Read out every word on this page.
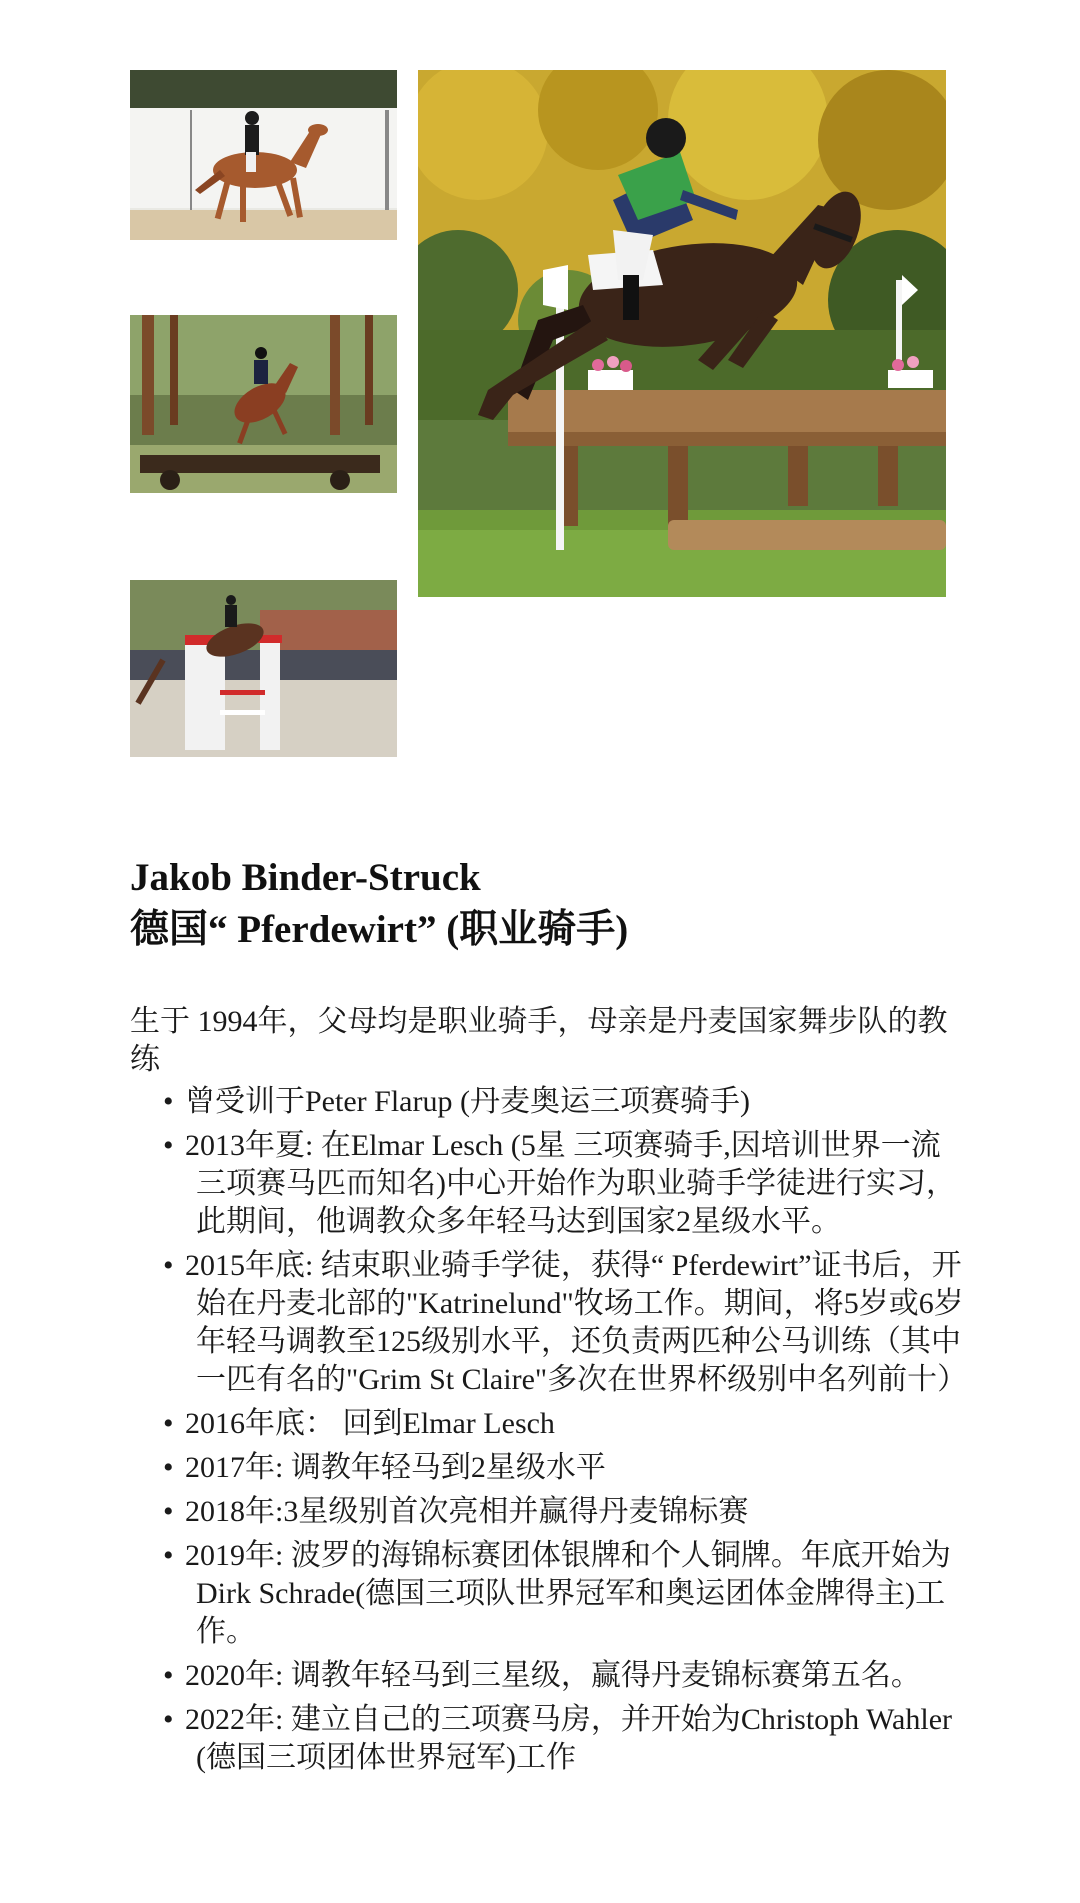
Jakob Binder-Struck
德国“ Pferdewirt” (职业骑手)

生于 1994年，父母均是职业骑手，母亲是丹麦国家舞步队的教练

• 曾受训于Peter Flarup (丹麦奥运三项赛骑手)
• 2013年夏: 在Elmar Lesch (5星 三项赛骑手,因培训世界一流三项赛马匹而知名)中心开始作为职业骑手学徒进行实习，此期间，他调教众多年轻马达到国家2星级水平。
• 2015年底: 结束职业骑手学徒，获得“ Pferdewirt”证书后，开始在丹麦北部的"Katrinelund"牧场工作。期间，将5岁或6岁年轻马调教至125级别水平，还负责两匹种公马训练（其中一匹有名的"Grim St Claire"多次在世界杯级别中名列前十）
• 2016年底： 回到Elmar Lesch
• 2017年: 调教年轻马到2星级水平
• 2018年:3星级别首次亮相并赢得丹麦锦标赛
• 2019年: 波罗的海锦标赛团体银牌和个人铜牌。年底开始为Dirk Schrade(德国三项队世界冠军和奥运团体金牌得主)工作。
• 2020年: 调教年轻马到三星级，赢得丹麦锦标赛第五名。
• 2022年: 建立自己的三项赛马房，并开始为Christoph Wahler (德国三项团体世界冠军)工作
